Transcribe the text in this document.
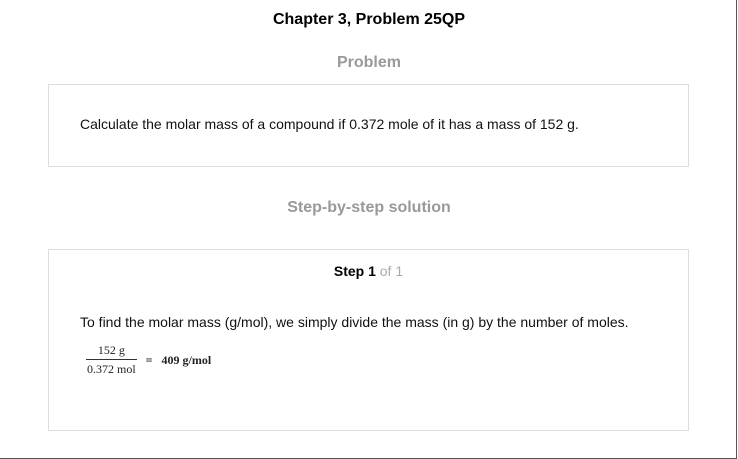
Chapter 3, Problem 25QP
Problem
Calculate the molar mass of a compound if 0.372 mole of it has a mass of 152 g.
Step-by-step solution
Step 1 of 1
To find the molar mass (g/mol), we simply divide the mass (in g) by the number of moles.
$\frac{152 g}{\text{0.372 mol}} = 409$ g/mol
